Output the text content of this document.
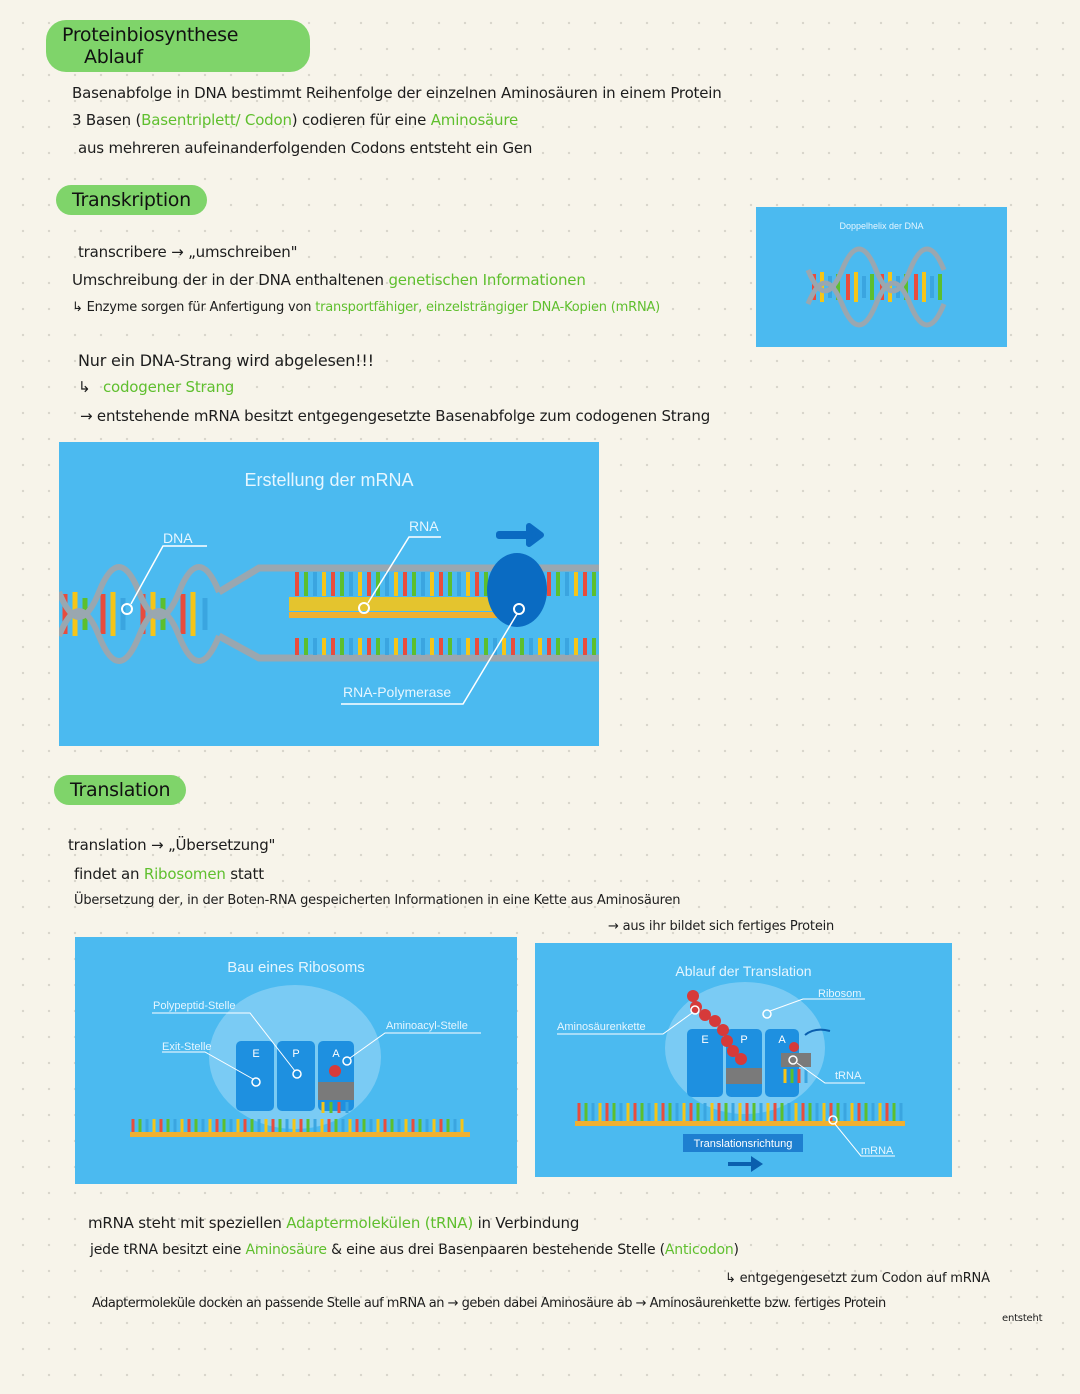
Proteinbiosynthese Ablauf
Basenabfolge in DNA bestimmt Reihenfolge der einzelnen Aminosäuren in einem Protein
3 Basen (Basentriplett/ Codon) codieren für eine Aminosäure
aus mehreren aufeinanderfolgenden Codons entsteht ein Gen
Transkription
transcribere → „umschreiben"
Umschreibung der in der DNA enthaltenen genetischen Informationen
↳ Enzyme sorgen für Anfertigung von transportfähiger, einzelsträngiger DNA-Kopien (mRNA)
Nur ein DNA-Strang wird abgelesen!!!
↳ codogener Strang
→ entstehende mRNA besitzt entgegengesetzte Basenabfolge zum codogenen Strang
Doppelhelix der DNA
Erstellung der mRNA
DNA
RNA
RNA-Polymerase
Translation
translation → „Übersetzung"
findet an Ribosomen statt
Übersetzung der, in der Boten-RNA gespeicherten Informationen in eine Kette aus Aminosäuren
→ aus ihr bildet sich fertiges Protein
Bau eines Ribosoms
E	P	A
Polypeptid-Stelle
Aminoacyl-Stelle
Exit-Stelle
Ablauf der Translation
E	P	A
Ribosom
Aminosäurenkette
tRNA
mRNA
Translationsrichtung
mRNA steht mit speziellen Adaptermolekülen (tRNA) in Verbindung
jede tRNA besitzt eine Aminosäure & eine aus drei Basenpaaren bestehende Stelle (Anticodon)
↳ entgegengesetzt zum Codon auf mRNA
Adaptermoleküle docken an passende Stelle auf mRNA an → geben dabei Aminosäure ab → Aminosäurenkette bzw. fertiges Protein
entsteht
